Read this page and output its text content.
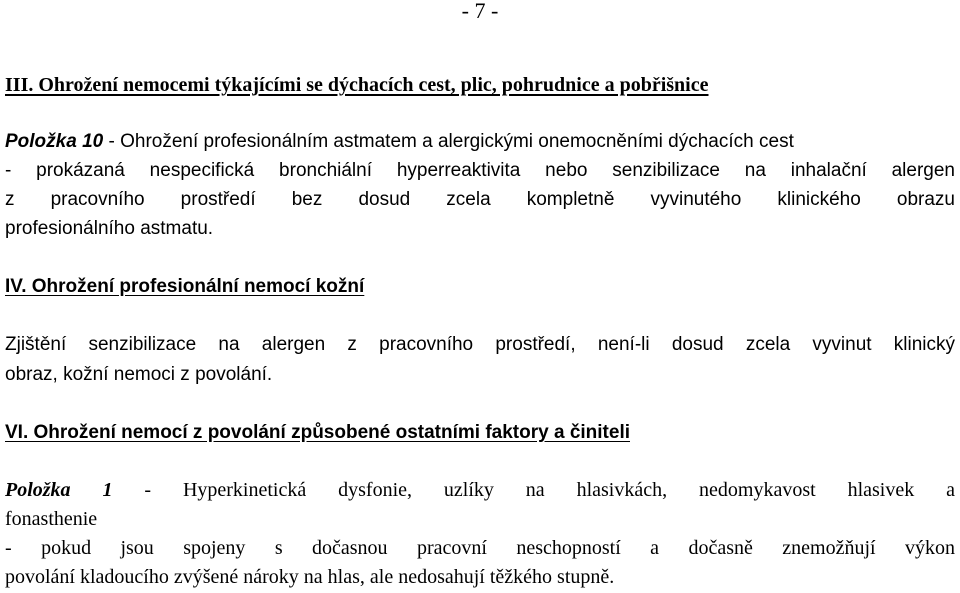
- 7 -
III. Ohrožení nemocemi týkajícími se dýchacích cest, plic, pohrudnice a pobřišnice
Položka 10 - Ohrožení profesionálním astmatem a alergickými onemocněními dýchacích cest
- prokázaná nespecifická bronchiální hyperreaktivita nebo senzibilizace na inhalační alergen
z pracovního prostředí bez dosud zcela kompletně vyvinutého klinického obrazu
profesionálního astmatu.
IV. Ohrožení profesionální nemocí kožní
Zjištění senzibilizace na alergen z pracovního prostředí, není-li dosud zcela vyvinut klinický
obraz, kožní nemoci z povolání.
VI. Ohrožení nemocí z povolání způsobené ostatními faktory a činiteli
Položka 1 - Hyperkinetická dysfonie, uzlíky na hlasivkách, nedomykavost hlasivek a
fonasthenie
- pokud jsou spojeny s dočasnou pracovní neschopností a dočasně znemožňují výkon
povolání kladoucího zvýšené nároky na hlas, ale nedosahují těžkého stupně.
